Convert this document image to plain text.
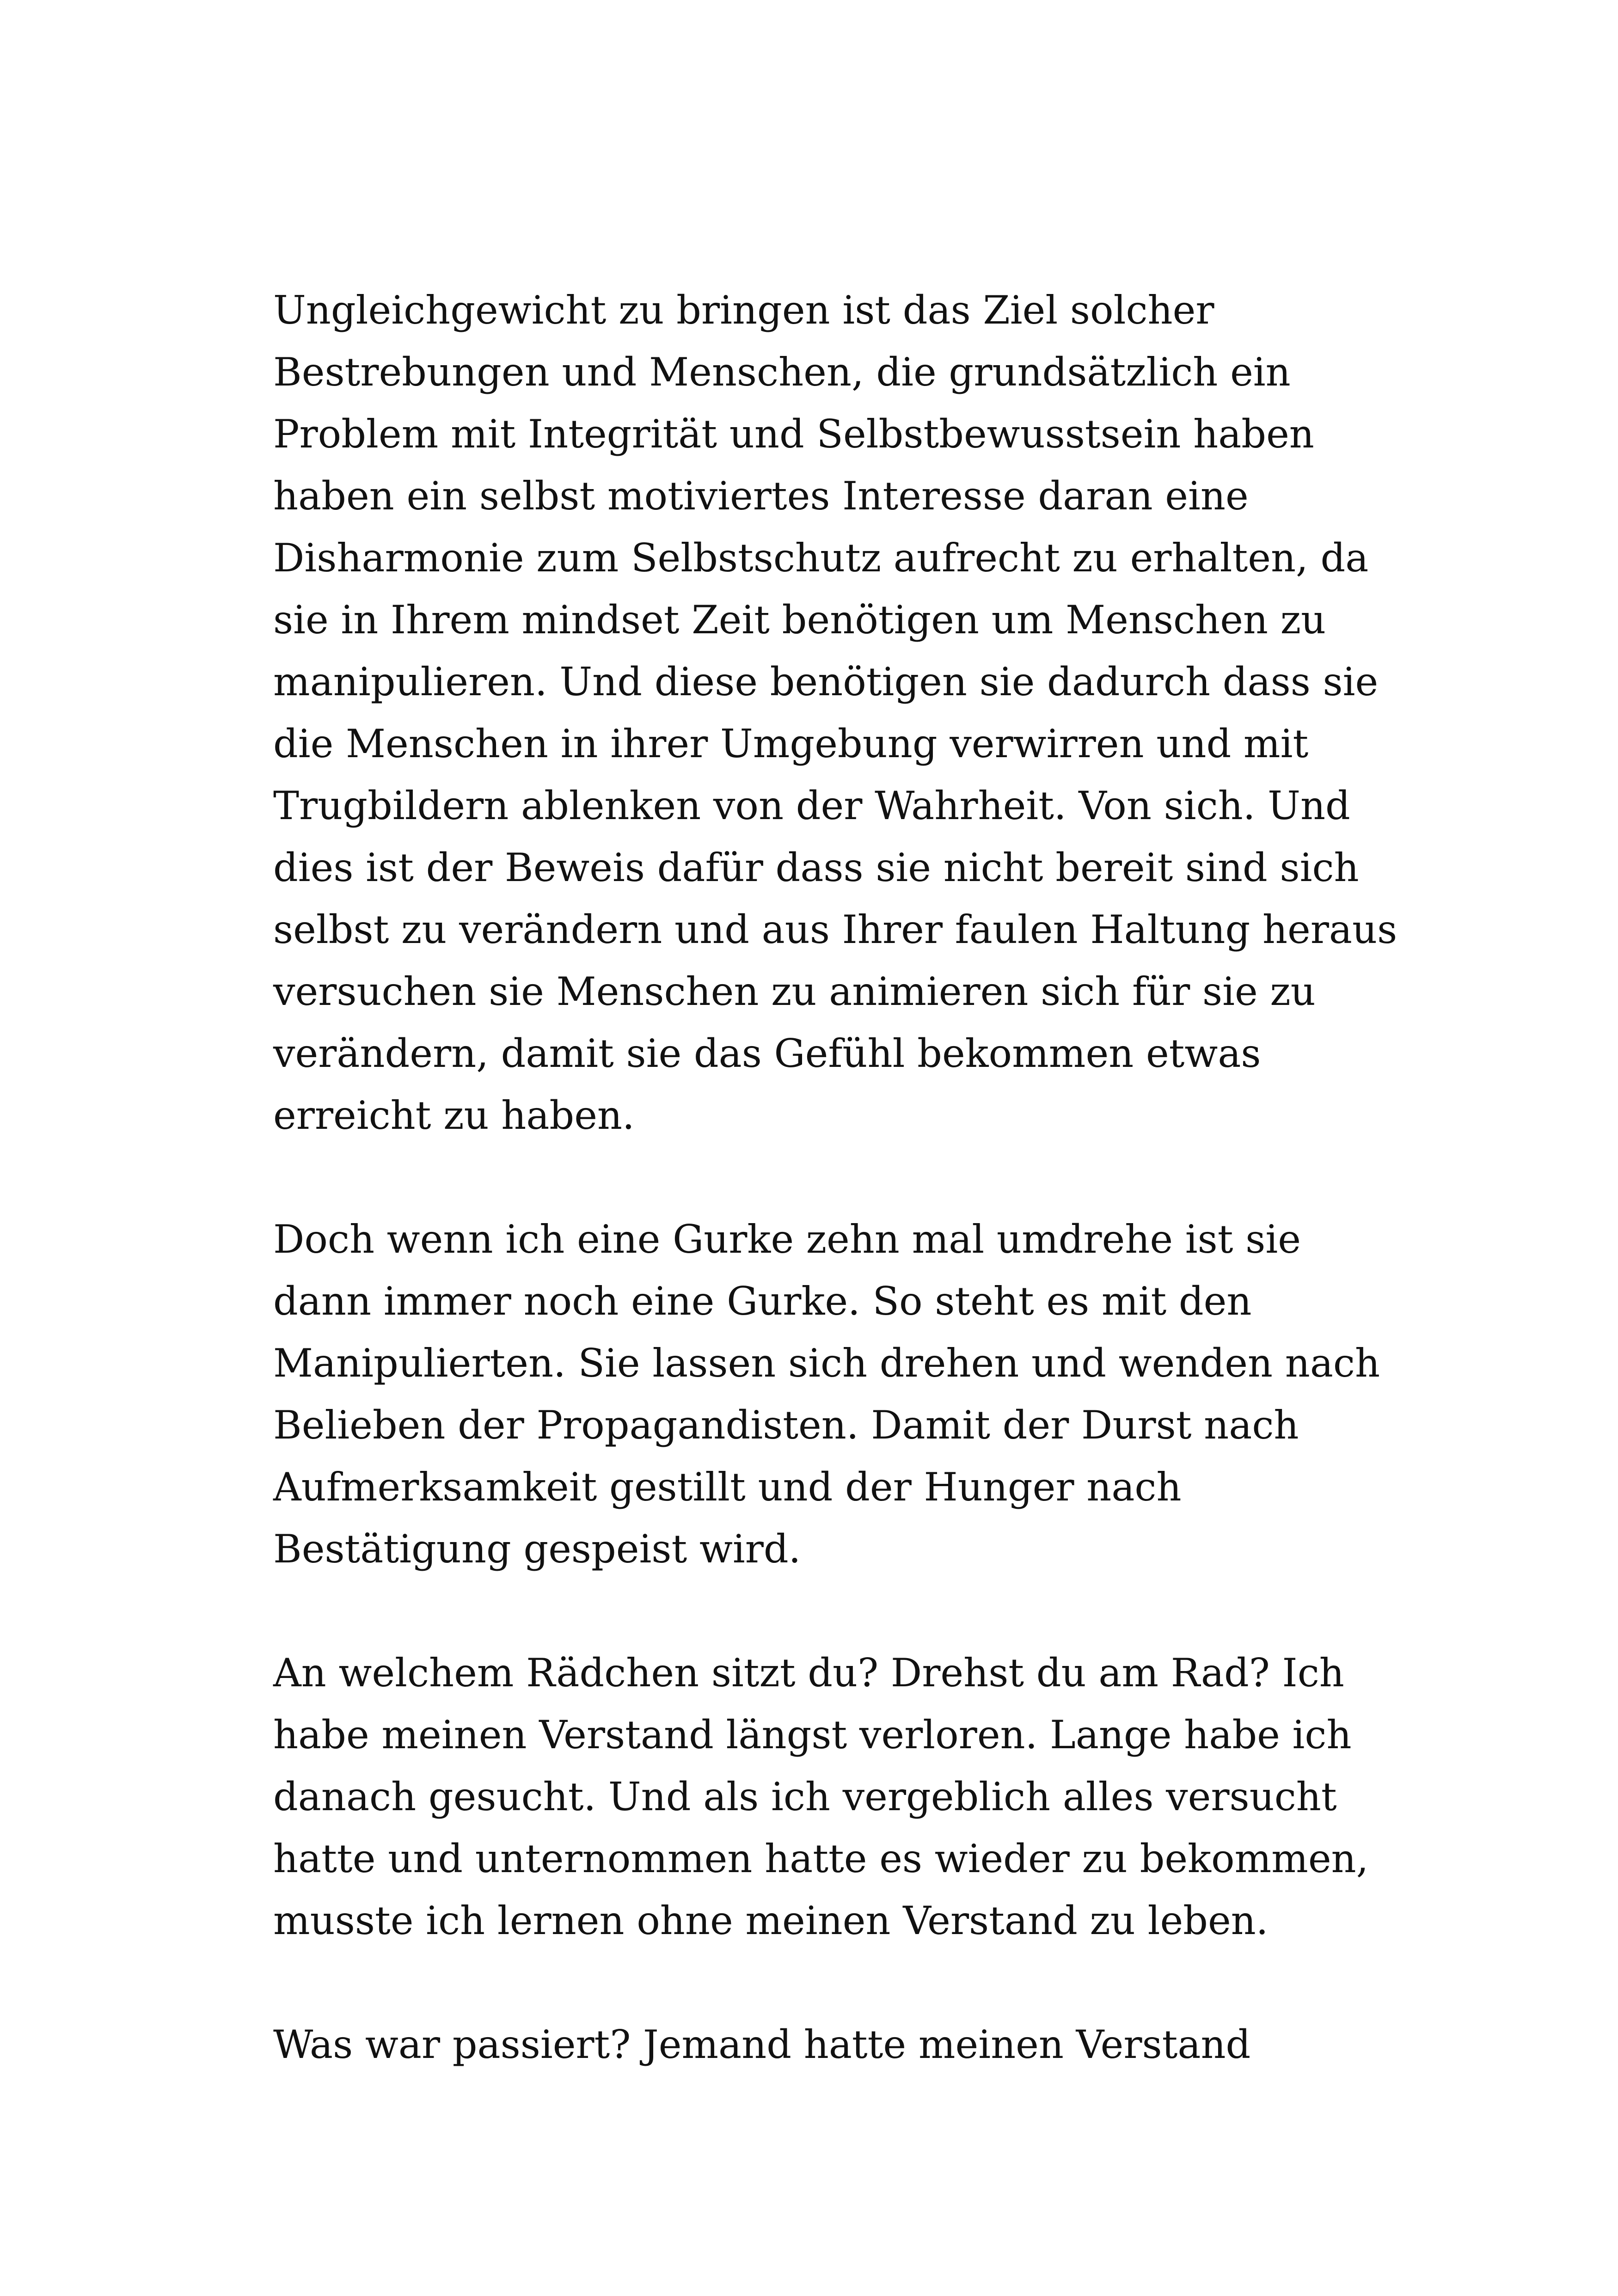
Ungleichgewicht zu bringen ist das Ziel solcher
Bestrebungen und Menschen, die grundsätzlich ein
Problem mit Integrität und Selbstbewusstsein haben
haben ein selbst motiviertes Interesse daran eine
Disharmonie zum Selbstschutz aufrecht zu erhalten, da
sie in Ihrem mindset Zeit benötigen um Menschen zu
manipulieren. Und diese benötigen sie dadurch dass sie
die Menschen in ihrer Umgebung verwirren und mit
Trugbildern ablenken von der Wahrheit. Von sich. Und
dies ist der Beweis dafür dass sie nicht bereit sind sich
selbst zu verändern und aus Ihrer faulen Haltung heraus
versuchen sie Menschen zu animieren sich für sie zu
verändern, damit sie das Gefühl bekommen etwas
erreicht zu haben.
Doch wenn ich eine Gurke zehn mal umdrehe ist sie
dann immer noch eine Gurke. So steht es mit den
Manipulierten. Sie lassen sich drehen und wenden nach
Belieben der Propagandisten. Damit der Durst nach
Aufmerksamkeit gestillt und der Hunger nach
Bestätigung gespeist wird.
An welchem Rädchen sitzt du? Drehst du am Rad? Ich
habe meinen Verstand längst verloren. Lange habe ich
danach gesucht. Und als ich vergeblich alles versucht
hatte und unternommen hatte es wieder zu bekommen,
musste ich lernen ohne meinen Verstand zu leben.
Was war passiert? Jemand hatte meinen Verstand
